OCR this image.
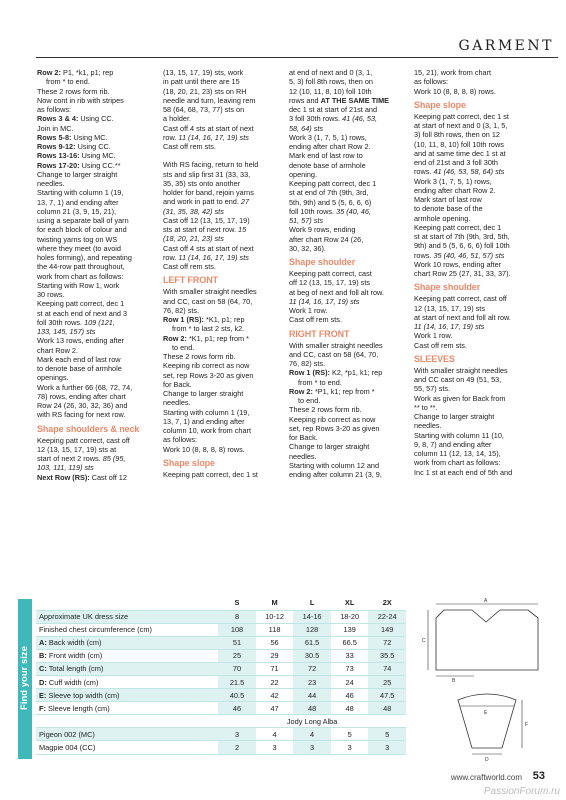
GARMENT

Row 2: P1, *k1, p1; rep

from * to end.

These 2 rows form rib.

Now cont in rib with stripes

as follows:

Rows 3 & 4: Using CC.

Join in MC.

Rows 5-8: Using MC.

Rows 9-12: Using CC.

Rows 13-16: Using MC.

Rows 17-20: Using CC.**

Change to larger straight

needles.

Starting with column 1 (19,

13, 7, 1) and ending after

column 21 (3, 9, 15, 21),

using a separate ball of yarn

for each block of colour and

twisting yarns tog on WS

where they meet (to avoid

holes forming), and repeating

the 44-row patt throughout,

work from chart as follows:

Starting with Row 1, work

30 rows.

Keeping patt correct, dec 1

st at each end of next and 3

foll 30th rows. 109 (121,

133, 145, 157) sts

Work 13 rows, ending after

chart Row 2.

Mark each end of last row

to denote base of armhole

openings.

Work a further 66 (68, 72, 74,

78) rows, ending after chart

Row 24 (26, 30, 32, 36) and

with RS facing for next row.

Shape shoulders & neck

Keeping patt correct, cast off

12 (13, 15, 17, 19) sts at

start of next 2 rows. 85 (95,

103, 111, 119) sts

Next Row (RS): Cast off 12

(13, 15, 17, 19) sts, work

in patt until there are 15

(18, 20, 21, 23) sts on RH

needle and turn, leaving rem

58 (64, 68, 73, 77) sts on

a holder.

Cast off 4 sts at start of next

row. 11 (14, 16, 17, 19) sts

Cast off rem sts.

With RS facing, return to held

sts and slip first 31 (33, 33,

35, 35) sts onto another

holder for band, rejoin yarns

and work in patt to end. 27

(31, 35, 38, 42) sts

Cast off 12 (13, 15, 17, 19)

sts at start of next row. 15

(18, 20, 21, 23) sts

Cast off 4 sts at start of next

row. 11 (14, 16, 17, 19) sts

Cast off rem sts.

LEFT FRONT

With smaller straight needles

and CC, cast on 58 (64, 70,

76, 82) sts.

Row 1 (RS): *K1, p1; rep

from * to last 2 sts, k2.

Row 2: *K1, p1; rep from *

to end.

These 2 rows form rib.

Keeping rib correct as now

set, rep Rows 3-20 as given

for Back.

Change to larger straight

needles.

Starting with column 1 (19,

13, 7, 1) and ending after

column 10, work from chart

as follows:

Work 10 (8, 8, 8, 8) rows.

Shape slope

Keeping patt correct, dec 1 st

at end of next and 0 (3, 1,

5, 3) foll 8th rows, then on

12 (10, 11, 8, 10) foll 10th

rows and AT THE SAME TIME

dec 1 st at start of 21st and

3 foll 30th rows. 41 (46, 53,

58, 64) sts

Work 3 (1, 7, 5, 1) rows,

ending after chart Row 2.

Mark end of last row to

denote base of armhole

opening.

Keeping patt correct, dec 1

st at end of 7th (9th, 3rd,

5th, 9th) and 5 (5, 6, 6, 6)

foll 10th rows. 35 (40, 46,

51, 57) sts

Work 9 rows, ending

after chart Row 24 (26,

30, 32, 36).

Shape shoulder

Keeping patt correct, cast

off 12 (13, 15, 17, 19) sts

at beg of next and foll alt row.

11 (14, 16, 17, 19) sts

Work 1 row.

Cast off rem sts.

RIGHT FRONT

With smaller straight needles

and CC, cast on 58 (64, 70,

76, 82) sts.

Row 1 (RS): K2, *p1, k1; rep

from * to end.

Row 2: *P1, k1; rep from *

to end.

These 2 rows form rib.

Keeping rib correct as now

set, rep Rows 3-20 as given

for Back.

Change to larger straight

needles.

Starting with column 12 and

ending after column 21 (3, 9,

15, 21), work from chart

as follows:

Work 10 (8, 8, 8, 8) rows.

Shape slope

Keeping patt correct, dec 1 st

at start of next and 0 (3, 1, 5,

3) foll 8th rows, then on 12

(10, 11, 8, 10) foll 10th rows

and at same time dec 1 st at

end of 21st and 3 foll 30th

rows. 41 (46, 53, 58, 64) sts

Work 3 (1, 7, 5, 1) rows,

ending after chart Row 2.

Mark start of last row

to denote base of the

armhole opening.

Keeping patt correct, dec 1

st at start of 7th (9th, 3rd, 5th,

9th) and 5 (5, 6, 6, 6) foll 10th

rows. 35 (40, 46, 51, 57) sts

Work 10 rows, ending after

chart Row 25 (27, 31, 33, 37).

Shape shoulder

Keeping patt correct, cast off

12 (13, 15, 17, 19) sts

at start of next and foll alt row.

11 (14, 16, 17, 19) sts

Work 1 row.

Cast off rem sts.

SLEEVES

With smaller straight needles

and CC cast on 49 (51, 53,

55, 57) sts.

Work as given for Back from

** to **.

Change to larger straight

needles.

Starting with column 11 (10,

9, 8, 7) and ending after

column 11 (12, 13, 14, 15),

work from chart as follows:

Inc 1 st at each end of 5th and

Find your size
	S	M	L	XL	2X
Approximate UK dress size	8	10-12	14-16	18-20	22-24
Finished chest circumference (cm)	108	118	128	139	149
A: Back width (cm)	51	56	61.5	66.5	72
B: Front width (cm)	25	29	30.5	33	35.5
C: Total length (cm)	70	71	72	73	74
D: Cuff width (cm)	21.5	22	23	24	25
E: Sleeve top width (cm)	40.5	42	44	46	47.5
F: Sleeve length (cm)	46	47	48	48	48
	Jody Long Alba				
Pigeon 002 (MC)	3	4	4	5	5
Magpie 004 (CC)	2	3	3	3	3
A
C
B
E
F
D
www.craftworld.com 53
PassionForum.ru
